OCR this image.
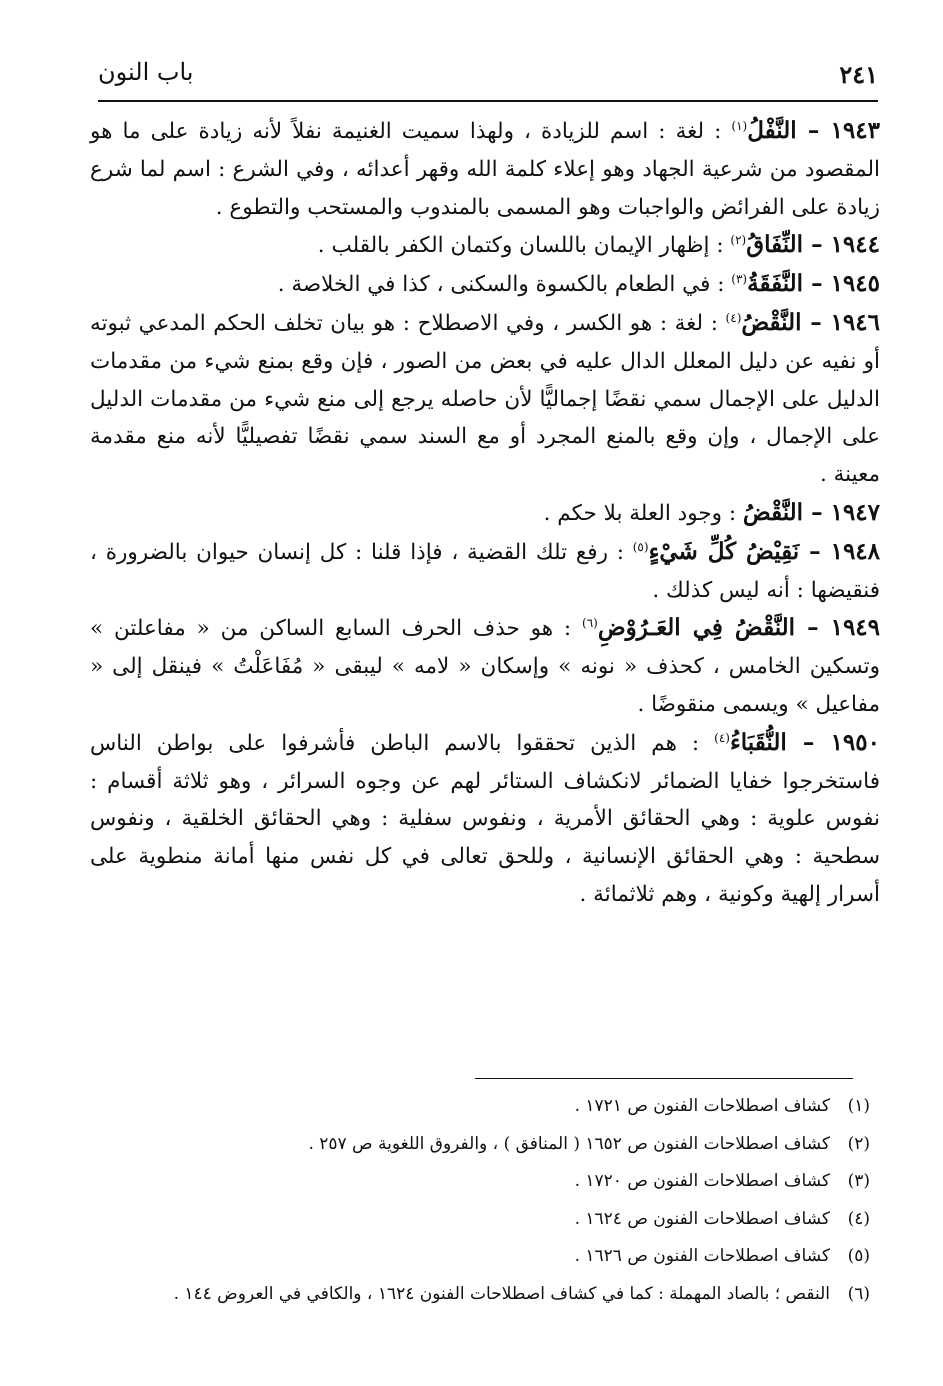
٢٤١
باب النون

١٩٤٣ – النَّفْلُ$^{(١)}$ : لغة : اسم للزيادة ، ولهذا سميت الغنيمة نفلاً لأنه زيادة على ما هو المقصود من شرعية الجهاد وهو إعلاء كلمة الله وقهر أعدائه ، وفي الشرع : اسم لما شرع زيادة على الفرائض والواجبات وهو المسمى بالمندوب والمستحب والتطوع .

١٩٤٤ – النِّفَاقُ$^{(٢)}$ : إظهار الإيمان باللسان وكتمان الكفر بالقلب .

١٩٤٥ – النَّفَقَةُ$^{(٣)}$ : في الطعام بالكسوة والسكنى ، كذا في الخلاصة .

١٩٤٦ – النَّقْضُ$^{(٤)}$ : لغة : هو الكسر ، وفي الاصطلاح : هو بيان تخلف الحكم المدعي ثبوته أو نفيه عن دليل المعلل الدال عليه في بعض من الصور ، فإن وقع بمنع شيء من مقدمات الدليل على الإجمال سمي نقضًا إجماليًّا لأن حاصله يرجع إلى منع شيء من مقدمات الدليل على الإجمال ، وإن وقع بالمنع المجرد أو مع السند سمي نقضًا تفصيليًّا لأنه منع مقدمة معينة .

١٩٤٧ – النَّقْضُ : وجود العلة بلا حكم .

١٩٤٨ – نَقِيْضُ كُلِّ شَيْءٍ$^{(٥)}$ : رفع تلك القضية ، فإذا قلنا : كل إنسان حيوان بالضرورة ، فنقيضها : أنه ليس كذلك .

١٩٤٩ – النَّقْضُ فِي العَـرُوْضِ$^{(٦)}$ : هو حذف الحرف السابع الساكن من « مفاعلتن » وتسكين الخامس ، كحذف « نونه » وإسكان « لامه » ليبقى « مُفَاعَلْتُ » فينقل إلى « مفاعيل » ويسمى منقوضًا .

١٩٥٠ – النُّقَبَاءُ$^{(٤)}$ : هم الذين تحققوا بالاسم الباطن فأشرفوا على بواطن الناس فاستخرجوا خفايا الضمائر لانكشاف الستائر لهم عن وجوه السرائر ، وهو ثلاثة أقسام : نفوس علوية : وهي الحقائق الأمرية ، ونفوس سفلية : وهي الحقائق الخلقية ، ونفوس سطحية : وهي الحقائق الإنسانية ، وللحق تعالى في كل نفس منها أمانة منطوية على أسرار إلهية وكونية ، وهم ثلاثمائة .

(١)كشاف اصطلاحات الفنون ص ١٧٢١ .

(٢)كشاف اصطلاحات الفنون ص ١٦٥٢ ( المنافق ) ، والفروق اللغوية ص ٢٥٧ .

(٣)كشاف اصطلاحات الفنون ص ١٧٢٠ .

(٤)كشاف اصطلاحات الفنون ص ١٦٢٤ .

(٥)كشاف اصطلاحات الفنون ص ١٦٢٦ .

(٦)النقص ؛ بالصاد المهملة : كما في كشاف اصطلاحات الفنون ١٦٢٤ ، والكافي في العروض ١٤٤ .
